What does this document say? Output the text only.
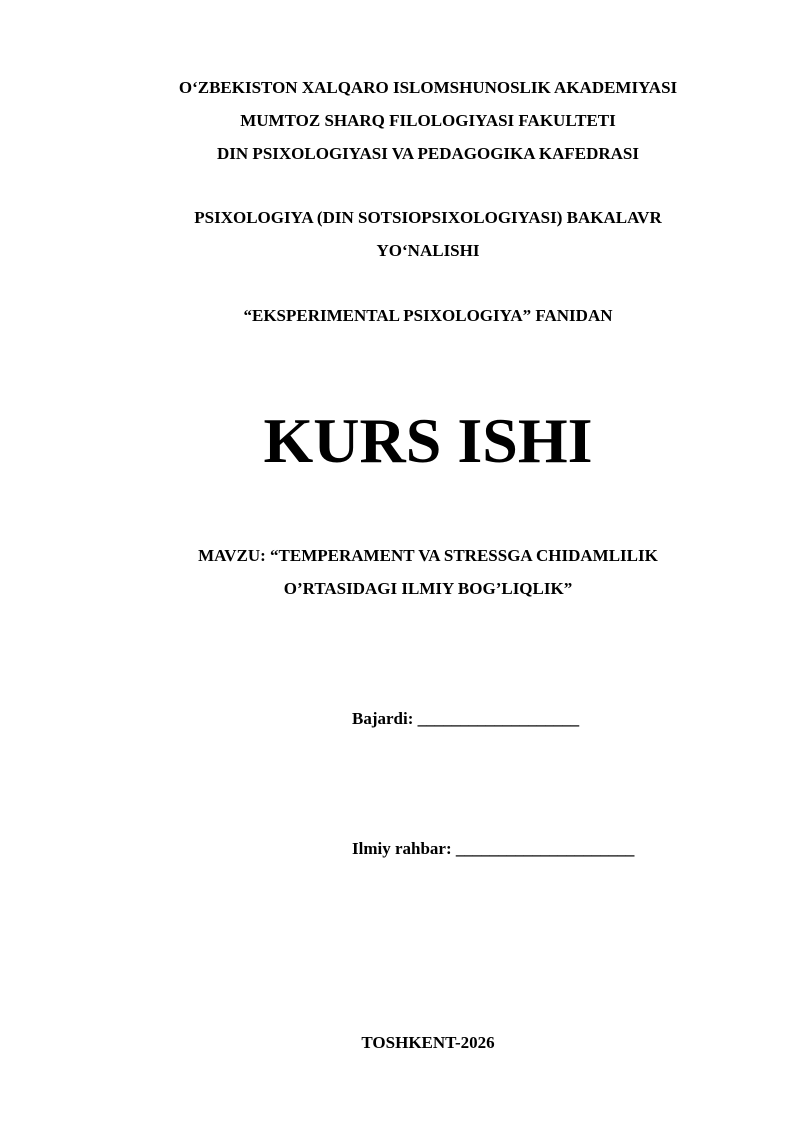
O‘ZBEKISTON XALQARO ISLOMSHUNOSLIK AKADEMIYASI
MUMTOZ SHARQ FILOLOGIYASI FAKULTETI
DIN PSIXOLOGIYASI VA PEDAGOGIKA KAFEDRASI
PSIXOLOGIYA (DIN SOTSIOPSIXOLOGIYASI) BAKALAVR
YO‘NALISHI
“EKSPERIMENTAL PSIXOLOGIYA” FANIDAN
KURS ISHI
MAVZU: “TEMPERAMENT VA STRESSGA CHIDAMLILIK
O’RTASIDAGI ILMIY BOG’LIQLIK”
Bajardi: ___________________
Ilmiy rahbar: _____________________
TOSHKENT-2026
